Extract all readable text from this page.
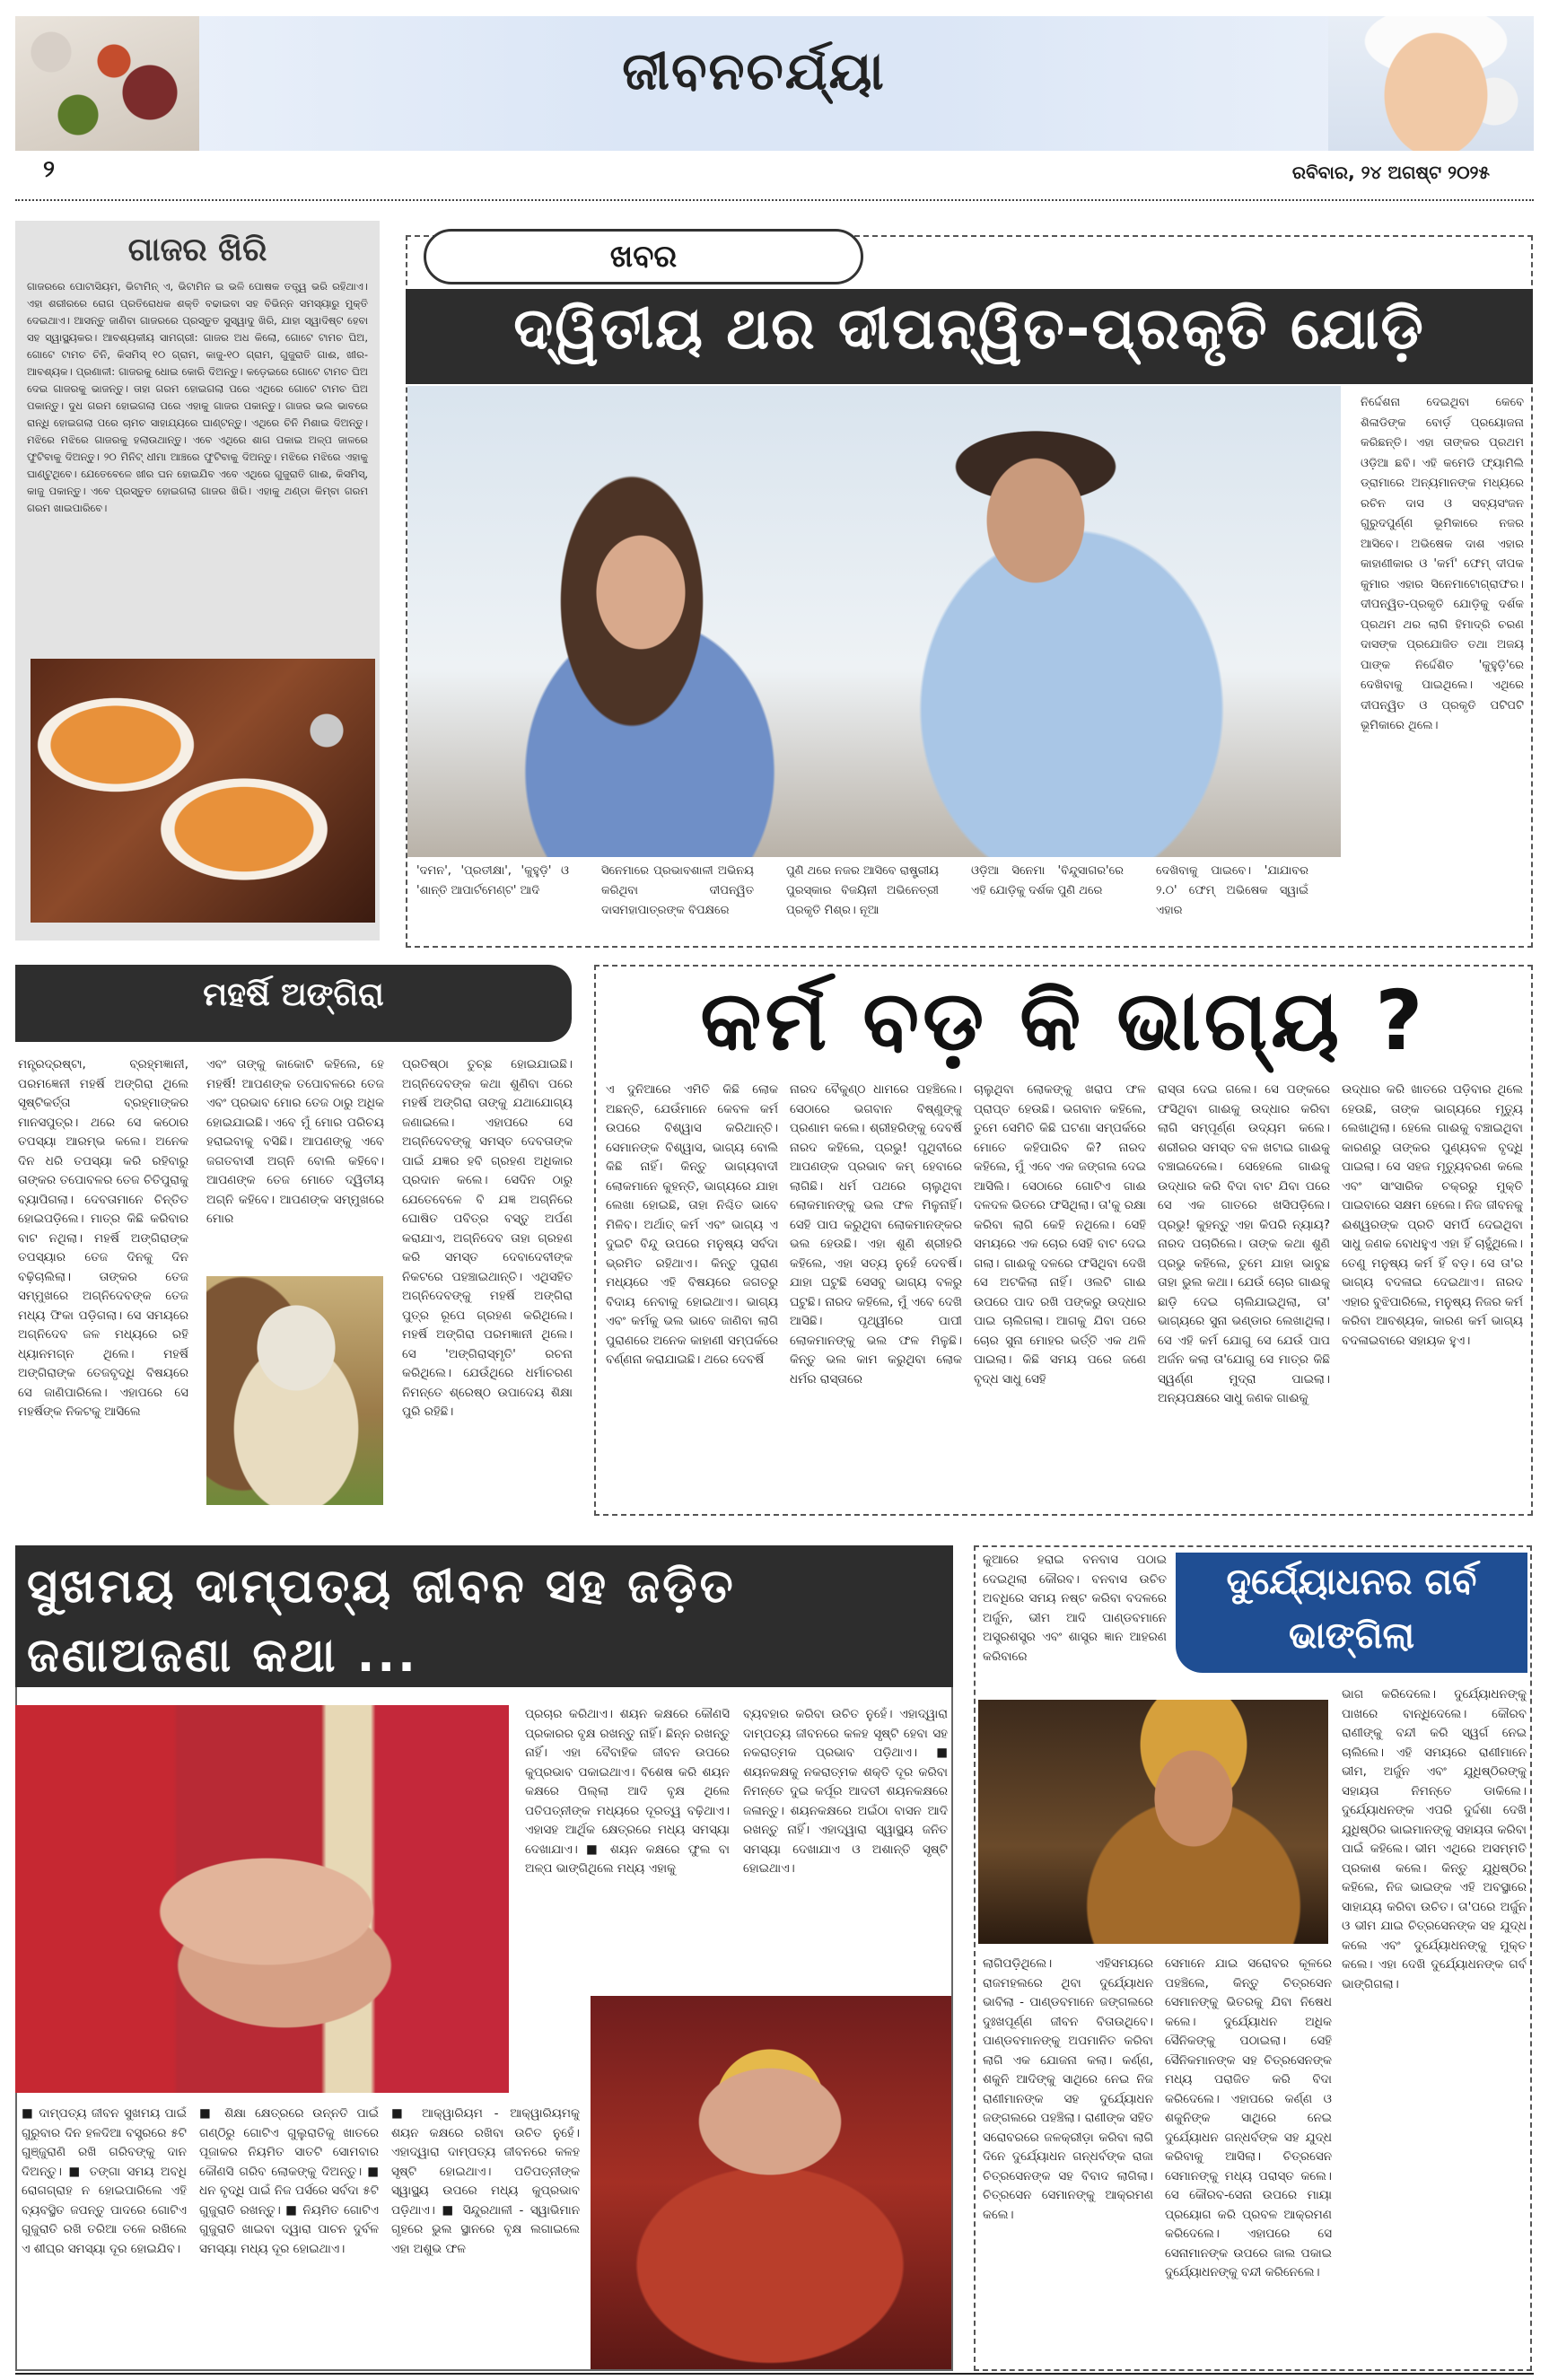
ଜୀବନଚର୍ଯ୍ୟା
୨	ରବିବାର, ୨୪ ଅଗଷ୍ଟ ୨୦୨୫
ଗାଜର ଖିରି
ଗାଜରରେ ପୋଟାସିୟମ, ଭିଟାମିନ୍ ଏ, ଭିଟାମିନ ଇ ଭଳି ପୋଷକ ତତ୍ତ୍ୱ ଭରି ରହିଥାଏ। ଏହା ଶରୀରରେ ରୋଗ ପ୍ରତିରୋଧକ ଶକ୍ତି ବଢାଇବା ସହ ବିଭିନ୍ନ ସମସ୍ୟାରୁ ମୁକ୍ତି ଦେଇଥାଏ। ଆସନ୍ତୁ ଜାଣିବା ଗାଜରରେ ପ୍ରସ୍ତୁତ ସୁସ୍ୱାଦୁ ଖିରି, ଯାହା ସ୍ୱାଦିଷ୍ଟ ହେବା ସହ ସ୍ୱାସ୍ଥ୍ୟକର। ଆବଶ୍ୟକୀୟ ସାମଗ୍ରୀ: ଗାଜର ଅଧ କିଲୋ, ଗୋଟେ ଟାମଚ ଘିଅ, ଗୋଟେ ଟାମଚ ଚିନି, କିସମିସ୍ ୧୦ ଗ୍ରାମ, କାଜୁ-୧୦ ଗ୍ରାମ, ଗୁଜୁରାତି ଗାଈ, ଖୀର-ଆବଶ୍ୟକ। ପ୍ରଣାଳୀ: ଗାଜରକୁ ଧୋଇ କୋରି ଦିଅନ୍ତୁ। କଡ଼େଇରେ ଗୋଟେ ଟାମଚ ଘିଅ ଦେଇ ଗାଜରକୁ ଭାଜନ୍ତୁ। ତାହା ଗରମ ହୋଇଗଲା ପରେ ଏଥିରେ ଗୋଟେ ଟାମଚ ଘିଅ ପକାନ୍ତୁ। ଦୁଧ ଗରମ ହୋଇଗଲା ପରେ ଏହାକୁ ଗାଜର ପକାନ୍ତୁ। ଗାଜର ଭଲ ଭାବରେ ରାନ୍ଧି ହୋଇଗଲା ପରେ ଚାମଚ ସାହାଯ୍ୟରେ ଘାଣ୍ଟନ୍ତୁ। ଏଥିରେ ଚିନି ମିଶାଇ ଦିଅନ୍ତୁ। ମଝିରେ ମଝିରେ ଗାଜରକୁ ହଲାଉଥାନ୍ତୁ। ଏବେ ଏଥିରେ ଶାଗ ପକାଇ ଅଳ୍ପ ଜାଳରେ ଫୁଟିବାକୁ ଦିଅନ୍ତୁ। ୨୦ ମିନିଟ୍ ଧୀମା ଆଞ୍ଚରେ ଫୁଟିବାକୁ ଦିଅନ୍ତୁ। ମଝିରେ ମଝିରେ ଏହାକୁ ଘାଣ୍ଟୁଥିବେ। ଯେତେବେଳେ ଖୀର ଘନ ହୋଇଯିବ ଏବେ ଏଥିରେ ଗୁଜୁରାତି ଗାଈ, କିସମିସ୍, କାଜୁ ପକାନ୍ତୁ। ଏବେ ପ୍ରସ୍ତୁତ ହୋଇଗଲା ଗାଜର ଖିରି। ଏହାକୁ ଥଣ୍ଡା କିମ୍ବା ଗରମ ଗରମ ଖାଇପାରିବେ।
ଖବର
ଦ୍ୱିତୀୟ ଥର ଦୀପନ୍ୱିତ-ପ୍ରକୃତି ଯୋଡ଼ି
ନିର୍ଦ୍ଦେଶନା ଦେଇଥିବା କେବେ ଶିଳାଡିଙ୍କ ବୋର୍ଡ଼ ପ୍ରୟୋଜନା କରିଛନ୍ତି। ଏହା ତାଙ୍କର ପ୍ରଥମ ଓଡ଼ିଆ ଛବି। ଏହି କମେଡି ଫ୍ୟାମିଲି ଡ୍ରାମାରେ ଅନ୍ୟମାନଙ୍କ ମଧ୍ୟରେ ରଚିନ ଦାସ ଓ ସବ୍ୟସଂଜନ ଗୁରୁଦପୁର୍ଣ୍ଣ ଭୂମିକାରେ ନଜର ଆସିବେ। ଅଭିଷେକ ଦାଶ ଏହାର କାହାଣୀକାର ଓ 'କର୍ମ' ଫେମ୍ ଦୀପକ କୁମାର ଏହାର ସିନେମାଟୋଗ୍ରାଫର। ଦୀପନ୍ୱିତ-ପ୍ରକୃତି ଯୋଡ଼ିକୁ ଦର୍ଶକ ପ୍ରଥମ ଥର ଲାଗି ହିମାଦ୍ରି ଚରଣ ଦାସଙ୍କ ପ୍ରଯୋଜିତ ତଥା ଅଜୟ ପାଙ୍କ ନିର୍ଦ୍ଦେଶିତ 'କୁହୁଡ଼ି'ରେ ଦେଖିବାକୁ ପାଇଥିଲେ। ଏଥିରେ ଦୀପନ୍ୱିତ ଓ ପ୍ରକୃତି ପଟିପଟି ଭୂମିକାରେ ଥିଲେ।
'ଦମନ', 'ପ୍ରତୀକ୍ଷା', 'କୁହୁଡ଼ି' ଓ 'ଶାନ୍ତି ଆପାର୍ଟମେଣ୍ଟ' ଆଦି
ସିନେମାରେ ପ୍ରଭାବଶାଳୀ ଅଭିନୟ କରିଥିବା ଦୀପନ୍ୱିତ ଦାସମହାପାତ୍ରଙ୍କ ବିପକ୍ଷରେ
ପୁଣି ଥରେ ନଜର ଆସିବେ ରାଷ୍ଟ୍ରୀୟ ପୁରସ୍କାର ବିଜୟିନୀ ଅଭିନେତ୍ରୀ ପ୍ରକୃତି ମିଶ୍ର। ନୂଆ
ଓଡ଼ିଆ ସିନେମା 'ବିନ୍ଦୁସାଗର'ରେ ଏହି ଯୋଡ଼ିକୁ ଦର୍ଶକ ପୁଣି ଥରେ
ଦେଖିବାକୁ ପାଇବେ। 'ଯାଯାବର ୨.୦' ଫେମ୍ ଅଭିଷେକ ସ୍ୱାଇଁ ଏହାର
ମହର୍ଷି ଅଙ୍ଗିରା
ମନ୍ତ୍ରଦ୍ରଷ୍ଟା, ବ୍ରହ୍ମଜ୍ଞାନୀ, ପରମଜ୍ଞେନୀ ମହର୍ଷି ଅଙ୍ଗିରା ଥିଲେ ସୃଷ୍ଟିକର୍ତ୍ତା ବ୍ରହ୍ମାଙ୍କର ମାନସପୁତ୍ର। ଥରେ ସେ କଠୋର ତପସ୍ୟା ଆରମ୍ଭ କଲେ। ଅନେକ ଦିନ ଧରି ତପସ୍ୟା କରି ରହିବାରୁ ତାଙ୍କର ତପୋବଳର ତେଜ ଚିତିପୁରାକୁ ବ୍ୟାପିଗଲା। ଦେବତାମାନେ ଚିନ୍ତିତ ହୋଇପଡ଼ିଲେ। ମାତ୍ର କିଛି କରିବାର ବାଟ ନଥିଲା। ମହର୍ଷି ଅଙ୍ଗିରାଙ୍କ ତପସ୍ୟାର ତେଜ ଦିନକୁ ଦିନ ବଢ଼ିଚାଲିଲା। ତାଙ୍କର ତେଜ ସମ୍ମୁଖରେ ଅଗ୍ନିଦେବଙ୍କ ତେଜ ମଧ୍ୟ ଫିକା ପଡ଼ିଗଲା। ସେ ସମୟରେ ଅଗ୍ନିଦେବ ଜଳ ମଧ୍ୟରେ ରହି ଧ୍ୟାନମଗ୍ନ ଥିଲେ। ମହର୍ଷି ଅଙ୍ଗିରାଙ୍କ ତେଜବୃଦ୍ଧି ବିଷୟରେ ସେ ଜାଣିପାରିଲେ। ଏହାପରେ ସେ ମହର୍ଷିଙ୍କ ନିକଟକୁ ଆସିଲେ
ଏବଂ ତାଙ୍କୁ କାକୋଟି କହିଲେ, ହେ ମହର୍ଷି! ଆପଣଙ୍କ ତପୋବଳରେ ତେଜ ଏବଂ ପ୍ରଭାବ ମୋର ତେଜ ଠାରୁ ଅଧିକ ହୋଇଯାଇଛି। ଏବେ ମୁଁ ମୋର ପରିଚୟ ହରାଇବାକୁ ବସିଛି। ଆପଣଙ୍କୁ ଏବେ ଜଗତବାସୀ ଅଗ୍ନି ବୋଲି କହିବେ। ଆପଣଙ୍କ ତେଜ ମୋତେ ଦ୍ୱିତୀୟ ଅଗ୍ନି କହିବେ। ଆପଣଙ୍କ ସମ୍ମୁଖରେ ମୋର
ପ୍ରତିଷ୍ଠା ତୁଚ୍ଛ ହୋଇଯାଇଛି। ଅଗ୍ନିଦେବଙ୍କ କଥା ଶୁଣିବା ପରେ ମହର୍ଷି ଅଙ୍ଗିରା ତାଙ୍କୁ ଯଥାଯୋଗ୍ୟ ଜଣାଇଲେ। ଏହାପରେ ସେ ଅଗ୍ନିଦେବଙ୍କୁ ସମସ୍ତ ଦେବତାଙ୍କ ପାଇଁ ଯଜ୍ଞର ହବି ଗ୍ରହଣ ଅଧିକାର ପ୍ରଦାନ କଲେ। ସେଦିନ ଠାରୁ ଯେତେବେଳେ ବି ଯଜ୍ଞ ଅଗ୍ନିରେ ଘୋଷିତ ପବିତ୍ର ବସ୍ତୁ ଅର୍ପଣ କରାଯାଏ, ଅଗ୍ନିଦେବ ତାହା ଗ୍ରହଣ କରି ସମସ୍ତ ଦେବାଦେବୀଙ୍କ ନିକଟରେ ପହଞ୍ଚାଇଥାନ୍ତି। ଏଥିସହିତ ଅଗ୍ନିଦେବଙ୍କୁ ମହର୍ଷି ଅଙ୍ଗିରା ପୁତ୍ର ରୂପେ ଗ୍ରହଣ କରିଥିଲେ। ମହର୍ଷି ଅଙ୍ଗିରା ପରମଜ୍ଞାନୀ ଥିଲେ। ସେ 'ଅଙ୍ଗିରାସ୍ମୃତି' ରଚନା କରିଥିଲେ। ଯେଉଁଥିରେ ଧର୍ମାଚରଣ ନିମନ୍ତେ ଶ୍ରେଷ୍ଠ ଉପାଦେୟ ଶିକ୍ଷା ପୁରି ରହିଛି।
କର୍ମ ବଡ଼ କି ଭାଗ୍ୟ ?
ଏ ଦୁନିଆରେ ଏମିତି କିଛି ଲୋକ ଅଛନ୍ତି, ଯେଉଁମାନେ କେବଳ କର୍ମ ଉପରେ ବିଶ୍ୱାସ କରିଥାନ୍ତି। ସେମାନଙ୍କ ବିଶ୍ୱାସ, ଭାଗ୍ୟ ବୋଲି କିଛି ନାହିଁ। କିନ୍ତୁ ଭାଗ୍ୟବାଦୀ ଲୋକମାନେ କୁହନ୍ତି, ଭାଗ୍ୟରେ ଯାହା ଲେଖା ହୋଇଛି, ତାହା ନିଶ୍ଚିତ ଭାବେ ମିଳିବ। ଅର୍ଥାତ୍ କର୍ମ ଏବଂ ଭାଗ୍ୟ ଏ ଦୁଇଟି ବିନ୍ଦୁ ଉପରେ ମନୁଷ୍ୟ ସର୍ବଦା ଭ୍ରମିତ ରହିଥାଏ। କିନ୍ତୁ ପୁରାଣ ମଧ୍ୟରେ ଏହି ବିଷୟରେ ଜଗତରୁ ବିଦାୟ ନେବାକୁ ହୋଇଥାଏ। ଭାଗ୍ୟ ଏବଂ କର୍ମକୁ ଭଲ ଭାବେ ଜାଣିବା ଲାଗି ପୁରାଣରେ ଅନେକ କାହାଣୀ ସମ୍ପର୍କରେ ବର୍ଣ୍ଣନା କରାଯାଇଛି। ଥରେ ଦେବର୍ଷି
ନାରଦ ବୈକୁଣ୍ଠ ଧାମରେ ପହଞ୍ଚିଲେ। ସେଠାରେ ଭଗବାନ ବିଷ୍ଣୁଙ୍କୁ ପ୍ରଣାମ କଲେ। ଶ୍ରୀହରିଙ୍କୁ ଦେବର୍ଷି ନାରଦ କହିଲେ, ପ୍ରଭୁ! ପୃଥିବୀରେ ଆପଣଙ୍କ ପ୍ରଭାବ କମ୍ ହେବାରେ ଲାଗିଛି। ଧର୍ମ ପଥରେ ଚାଲୁଥିବା ଲୋକମାନଙ୍କୁ ଭଲ ଫଳ ମିଳୁନାହିଁ। ସେହି ପାପ କରୁଥିବା ଲୋକମାନଙ୍କର ଭଲ ହେଉଛି। ଏହା ଶୁଣି ଶ୍ରୀହରି କହିଲେ, ଏହା ସତ୍ୟ ନୁହେଁ ଦେବର୍ଷି। ଯାହା ଘଟୁଛି ସେସବୁ ଭାଗ୍ୟ ବଳରୁ ଘଟୁଛି। ନାରଦ କହିଲେ, ମୁଁ ଏବେ ଦେଖି ଆସିଛି। ପୃଥ୍ୱୀରେ ପାପୀ ଲୋକମାନଙ୍କୁ ଭଲ ଫଳ ମିଳୁଛି। କିନ୍ତୁ ଭଲ କାମ କରୁଥିବା ଲୋକ ଧର୍ମର ରାସ୍ତାରେ
ଚାଲୁଥିବା ଲୋକଙ୍କୁ ଖରାପ ଫଳ ପ୍ରାପ୍ତ ହେଉଛି। ଭଗବାନ କହିଲେ, ତୁମେ ସେମିତି କିଛି ଘଟଣା ସମ୍ପର୍କରେ ମୋତେ କହିପାରିବ କି? ନାରଦ କହିଲେ, ମୁଁ ଏବେ ଏକ ଜଙ୍ଗଲ ଦେଇ ଆସିଲି। ସେଠାରେ ଗୋଟିଏ ଗାଈ ଦଳଦଳ ଭିତରେ ଫସିଥିଲା। ତା'କୁ ରକ୍ଷା କରିବା ଲାଗି କେହି ନଥିଲେ। ସେହି ସମୟରେ ଏକ ଚୋର ସେହି ବାଟ ଦେଇ ଗଲା। ଗାଈକୁ ଦଳରେ ଫସିଥିବା ଦେଖି ସେ ଅଟକିଲା ନାହିଁ। ଓଲଟି ଗାଈ ଉପରେ ପାଦ ରଖି ପଙ୍କରୁ ଉଦ୍ଧାର ପାଇ ଚାଲିଗଲା। ଆଗକୁ ଯିବା ପରେ ଚୋର ସୁନା ମୋହର ଭର୍ତ୍ତି ଏକ ଥଳି ପାଇଲା। କିଛି ସମୟ ପରେ ଜଣେ ବୃଦ୍ଧ ସାଧୁ ସେହି
ରାସ୍ତା ଦେଇ ଗଲେ। ସେ ପଙ୍କରେ ଫସିଥିବା ଗାଈକୁ ଉଦ୍ଧାର କରିବା ଲାଗି ସମ୍ପୂର୍ଣ୍ଣ ଉଦ୍ୟମ କଲେ। ଶରୀରର ସମସ୍ତ ବଳ ଖଟାଇ ଗାଈକୁ ବଞ୍ଚାଇଦେଲେ। ସେହେଲେ ଗାଈକୁ ଉଦ୍ଧାର କରି ବିଦା ବାଟ ଯିବା ପରେ ସେ ଏକ ଗାତରେ ଖସିପଡ଼ିଲେ। ପ୍ରଭୁ! କୁହନ୍ତୁ ଏହା କିପରି ନ୍ୟାୟ? ନାରଦ ପଚାରିଲେ। ତାଙ୍କ କଥା ଶୁଣି ପ୍ରଭୁ କହିଲେ, ତୁମେ ଯାହା ଭାବୁଛ ତାହା ଭୁଲ କଥା। ଯେଉଁ ଚୋର ଗାଈକୁ ଛାଡ଼ି ଦେଇ ଚାଲିଯାଇଥିଲା, ତା' ଭାଗ୍ୟରେ ସୁନା ଭଣ୍ଡାର ଲେଖାଥିଲା। ସେ ଏହି କର୍ମ ଯୋଗୁ ସେ ଯେଉଁ ପାପ ଅର୍ଜନ କଲା ତା'ଯୋଗୁ ସେ ମାତ୍ର କିଛି ସ୍ୱର୍ଣ୍ଣ ମୁଦ୍ରା ପାଇଲା। ଅନ୍ୟପକ୍ଷରେ ସାଧୁ ଜଣକ ଗାଈକୁ
ଉଦ୍ଧାର କରି ଖାତରେ ପଡ଼ିବାର ଥିଲେ ହେଉଛି, ତାଙ୍କ ଭାଗ୍ୟରେ ମୃତ୍ୟୁ ଲେଖାଥିଲା। ହେଲେ ଗାଈକୁ ବଞ୍ଚାଇଥିବା କାରଣରୁ ତାଙ୍କର ପୁଣ୍ୟବଳ ବୃଦ୍ଧି ପାଇଲା। ସେ ସହଜ ମୃତ୍ୟୁବରଣ କଲେ ଏବଂ ସାଂସାରିକ ଚକ୍ରରୁ ମୁକ୍ତି ପାଇବାରେ ସକ୍ଷମ ହେଲେ। ନିଜ ଜୀବନକୁ ଈଶ୍ୱରଙ୍କ ପ୍ରତି ସମର୍ପି ଦେଇଥିବା ସାଧୁ ଜଣକ ବୋଧହୁଏ ଏହା ହିଁ ଚାହୁଁଥିଲେ। ତେଣୁ ମନୁଷ୍ୟ କର୍ମ ହିଁ ବଡ଼। ସେ ତା'ର ଭାଗ୍ୟ ବଦଳାଇ ଦେଇଥାଏ। ନାରଦ ଏହାର ବୁଝିପାରିଲେ, ମନୁଷ୍ୟ ନିଜର କର୍ମ କରିବା ଆବଶ୍ୟକ, କାରଣ କର୍ମ ଭାଗ୍ୟ ବଦଳାଇବାରେ ସହାୟକ ହୁଏ।
ସୁଖମୟ ଦାମ୍ପତ୍ୟ ଜୀବନ ସହ ଜଡ଼ିତ
ଜଣାଅଜଣା କଥା ...
ପ୍ରଚାର କରିଥାଏ। ଶୟନ କକ୍ଷରେ କୌଣସି ପ୍ରକାରର ବୃକ୍ଷ ରଖନ୍ତୁ ନାହିଁ। ଛିନ୍ନ ରଖନ୍ତୁ ନାହିଁ। ଏହା ବୈବାହିକ ଜୀବନ ଉପରେ କୁପ୍ରଭାବ ପକାଇଥାଏ। ବିଶେଷ କରି ଶୟନ କକ୍ଷରେ ପିଲ୍ଲା ଆଦି ବୃକ୍ଷ ଥିଲେ ପତିପତ୍ନୀଙ୍କ ମଧ୍ୟରେ ଦୂରତ୍ୱ ବଢ଼ିଥାଏ। ଏହାସହ ଆର୍ଥିକ କ୍ଷେତ୍ରରେ ମଧ୍ୟ ସମସ୍ୟା ଦେଖାଯାଏ। ■ ଶୟନ କକ୍ଷରେ ଫୁଲ ବା ଅଳ୍ପ ଭାଙ୍ଗିଥିଲେ ମଧ୍ୟ ଏହାକୁ
ବ୍ୟବହାର କରିବା ଉଚିତ ନୁହେଁ। ଏହାଦ୍ୱାରା ଦାମ୍ପତ୍ୟ ଜୀବନରେ କଳହ ସୃଷ୍ଟି ହେବା ସହ ନକରାତ୍ମକ ପ୍ରଭାବ ପଡ଼ିଥାଏ। ■ ଶୟନକକ୍ଷକୁ ନକରାତ୍ମକ ଶକ୍ତି ଦୂର କରିବା ନିମନ୍ତେ ଦୁଇ କର୍ପୂର ଆଦତୀ ଶୟନକକ୍ଷରେ ଜଳାନ୍ତୁ। ଶୟନକକ୍ଷରେ ଅଇଁଠା ବାସନ ଆଦି ରଖନ୍ତୁ ନାହିଁ। ଏହାଦ୍ୱାରା ସ୍ୱାସ୍ଥ୍ୟ ଜନିତ ସମସ୍ୟା ଦେଖାଯାଏ ଓ ଅଶାନ୍ତି ସୃଷ୍ଟି ହୋଇଥାଏ।
■ ଦାମ୍ପତ୍ୟ ଜୀବନ ସୁଖମୟ ପାଇଁ ଗୁରୁବାର ଦିନ ହଳଦିଆ ବସ୍ତ୍ରରେ ୫ଟି ଗୁଞ୍ଜୁରାଣି ରଖି ଗରିବଙ୍କୁ ଦାନ ଦିଅନ୍ତୁ। ■ ତଙ୍ଗା ସମୟ ଅବଧି ରୋଗଗ୍ରାହ ନ ହୋଇପାରିଲେ ଏହି ବ୍ୟବସ୍ଥିତ ଜପନ୍ତୁ ପାଦରେ ଗୋଟିଏ ଗୁଜୁରାତି ରଖି ତରିଆ ତଳେ ରଖିଲେ ଏ ଶୀଘ୍ର ସମସ୍ୟା ଦୂର ହୋଇଯିବ।
■ ଶିକ୍ଷା କ୍ଷେତ୍ରରେ ଉନ୍ନତି ପାଇଁ ଗଣ୍ଠିରୁ ଗୋଟିଏ ଗୁଲୁରାତିକୁ ଖାତରେ ପୂଜାକର ନିୟମିତ ସାତଟି ସୋମବାର କୌଣସି ଗରିବ ଲୋକଙ୍କୁ ଦିଅନ୍ତୁ। ■ ଧନ ବୃଦ୍ଧି ପାଇଁ ନିଜ ପର୍ସରେ ସର୍ବଦା ୫ଟି ଗୁଜୁରାତି ରଖନ୍ତୁ। ■ ନିୟମିତ ଗୋଟିଏ ଗୁଜୁରାତି ଖାଇବା ଦ୍ୱାରା ପାଚନ ଦୁର୍ବଳ ସମସ୍ୟା ମଧ୍ୟ ଦୂର ହୋଇଥାଏ।
■ ଆକ୍ୱାରିୟମ - ଆକ୍ୱାରିୟମକୁ ଶୟନ କକ୍ଷରେ ରଖିବା ଉଚିତ ନୁହେଁ। ଏହାଦ୍ୱାରା ଦାମ୍ପତ୍ୟ ଜୀବନରେ କଳହ ସୃଷ୍ଟି ହୋଇଥାଏ। ପତିପତ୍ନୀଙ୍କ ସ୍ୱାସ୍ଥ୍ୟ ଉପରେ ମଧ୍ୟ କୁପ୍ରଭାବ ପଡ଼ିଥାଏ। ■ ସିନ୍ଦୁରଥାଳୀ - ସ୍ୱାଭିମାନ ଗୃହରେ ଭୁଲ ସ୍ଥାନରେ ବୃକ୍ଷ ଲଗାଇଲେ ଏହା ଅଶୁଭ ଫଳ
କୁଆରେ ହରାଇ ବନବାସ ପଠାଇ ଦେଇଥିଲା କୌରବ। ବନବାସ ଉଚିତ ଅବଧିରେ ସମୟ ନଷ୍ଟ କରିବା ବଦଳରେ ଅର୍ଜୁନ, ଭୀମ ଆଦି ପାଣ୍ଡବମାନେ ଅସ୍ତ୍ରଶସ୍ତ୍ର ଏବଂ ଶାସ୍ତ୍ର ଜ୍ଞାନ ଆହରଣ କରିବାରେ
ଦୁର୍ଯ୍ୟୋଧନର ଗର୍ବ
ଭାଙ୍ଗିଲା
ଭାଗ କରିଦେଲେ। ଦୁର୍ଯ୍ୟୋଧନଙ୍କୁ ପାଖରେ ବାନ୍ଧିଦେଲେ। କୌରବ ରାଣୀଙ୍କୁ ବନ୍ଦୀ କରି ସ୍ୱର୍ଗ ନେଇ ଚାଲିଲେ। ଏହି ସମୟରେ ରାଣୀମାନେ ଭୀମ, ଅର୍ଜୁନ ଏବଂ ଯୁଧିଷ୍ଠିରଙ୍କୁ ସହାୟତା ନିମନ୍ତେ ଡାକିଲେ। ଦୁର୍ଯ୍ୟୋଧନଙ୍କ ଏପରି ଦୁର୍ଦ୍ଦଶା ଦେଖି ଯୁଧିଷ୍ଠିର ଭାଇମାନଙ୍କୁ ସହାୟତା କରିବା ପାଇଁ କହିଲେ। ଭୀମ ଏଥିରେ ଅସମ୍ମତି ପ୍ରକାଶ କଲେ। କିନ୍ତୁ ଯୁଧିଷ୍ଠିର କହିଲେ, ନିଜ ଭାଇଙ୍କ ଏହି ଅବସ୍ଥାରେ ସାହାଯ୍ୟ କରିବା ଉଚିତ। ତା'ପରେ ଅର୍ଜୁନ ଓ ଭୀମ ଯାଇ ଚିତ୍ରସେନଙ୍କ ସହ ଯୁଦ୍ଧ କଲେ ଏବଂ ଦୁର୍ଯ୍ୟୋଧନଙ୍କୁ ମୁକ୍ତ କଲେ। ଏହା ଦେଖି ଦୁର୍ଯ୍ୟୋଧନଙ୍କ ଗର୍ବ ଭାଙ୍ଗିଗଲା।
ଲାଗିପଡ଼ିଥିଲେ। ଏହିସମୟରେ ରାଜମହଲରେ ଥିବା ଦୁର୍ଯ୍ୟୋଧନ ଭାବିଲା - ପାଣ୍ଡବମାନେ ଜଙ୍ଗଲରେ ଦୁଃଖପୂର୍ଣ୍ଣ ଜୀବନ ବିତାଉଥିବେ। ପାଣ୍ଡବମାନଙ୍କୁ ଅପମାନିତ କରିବା ଲାଗି ଏକ ଯୋଜନା କଲା। କର୍ଣ୍ଣ, ଶକୁନି ଆଦିଙ୍କୁ ସାଥିରେ ନେଇ ନିଜ ରାଣୀମାନଙ୍କ ସହ ଦୁର୍ଯ୍ୟୋଧନ ଜଙ୍ଗଲରେ ପହଞ୍ଚିଲା। ରାଣୀଙ୍କ ସହିତ ସରୋବରରେ ଜଳକ୍ରୀଡ଼ା କରିବା ଲାଗି ଦିନେ ଦୁର୍ଯ୍ୟୋଧନ ଗନ୍ଧର୍ବଙ୍କ ରାଜା ଚିତ୍ରସେନଙ୍କ ସହ ବିବାଦ ଲାଗିଲା। ଚିତ୍ରସେନ ସେମାନଙ୍କୁ ଆକ୍ରମଣ କଲେ।
ସେମାନେ ଯାଇ ସରୋବର କୂଳରେ ପହଞ୍ଚିଲେ, କିନ୍ତୁ ଚିତ୍ରସେନ ସେମାନଙ୍କୁ ଭିତରକୁ ଯିବା ନିଷେଧ କଲେ। ଦୁର୍ଯ୍ୟୋଧନ ଅଧିକ ସୈନିକଙ୍କୁ ପଠାଇଲା। ସେହି ସୈନିକମାନଙ୍କ ସହ ଚିତ୍ରସେନଙ୍କ ମଧ୍ୟ ପରାଜିତ କରି ବିଦା କରିଦେଲେ। ଏହାପରେ କର୍ଣ୍ଣ ଓ ଶକୁନିଙ୍କ ସାଥିରେ ନେଇ ଦୁର୍ଯ୍ୟୋଧନ ଗନ୍ଧର୍ବଙ୍କ ସହ ଯୁଦ୍ଧ କରିବାକୁ ଆସିଲା। ଚିତ୍ରସେନ ସେମାନଙ୍କୁ ମଧ୍ୟ ପରାସ୍ତ କଲେ। ସେ କୌରବ-ସେନା ଉପରେ ମାୟା ପ୍ରୟୋଗ କରି ପ୍ରବଳ ଆକ୍ରମଣ କରିଦେଲେ। ଏହାପରେ ସେ ସେନାମାନଙ୍କ ଉପରେ ଜାଲ ପକାଇ ଦୁର୍ଯ୍ୟୋଧନଙ୍କୁ ବନ୍ଦୀ କରିନେଲେ।
